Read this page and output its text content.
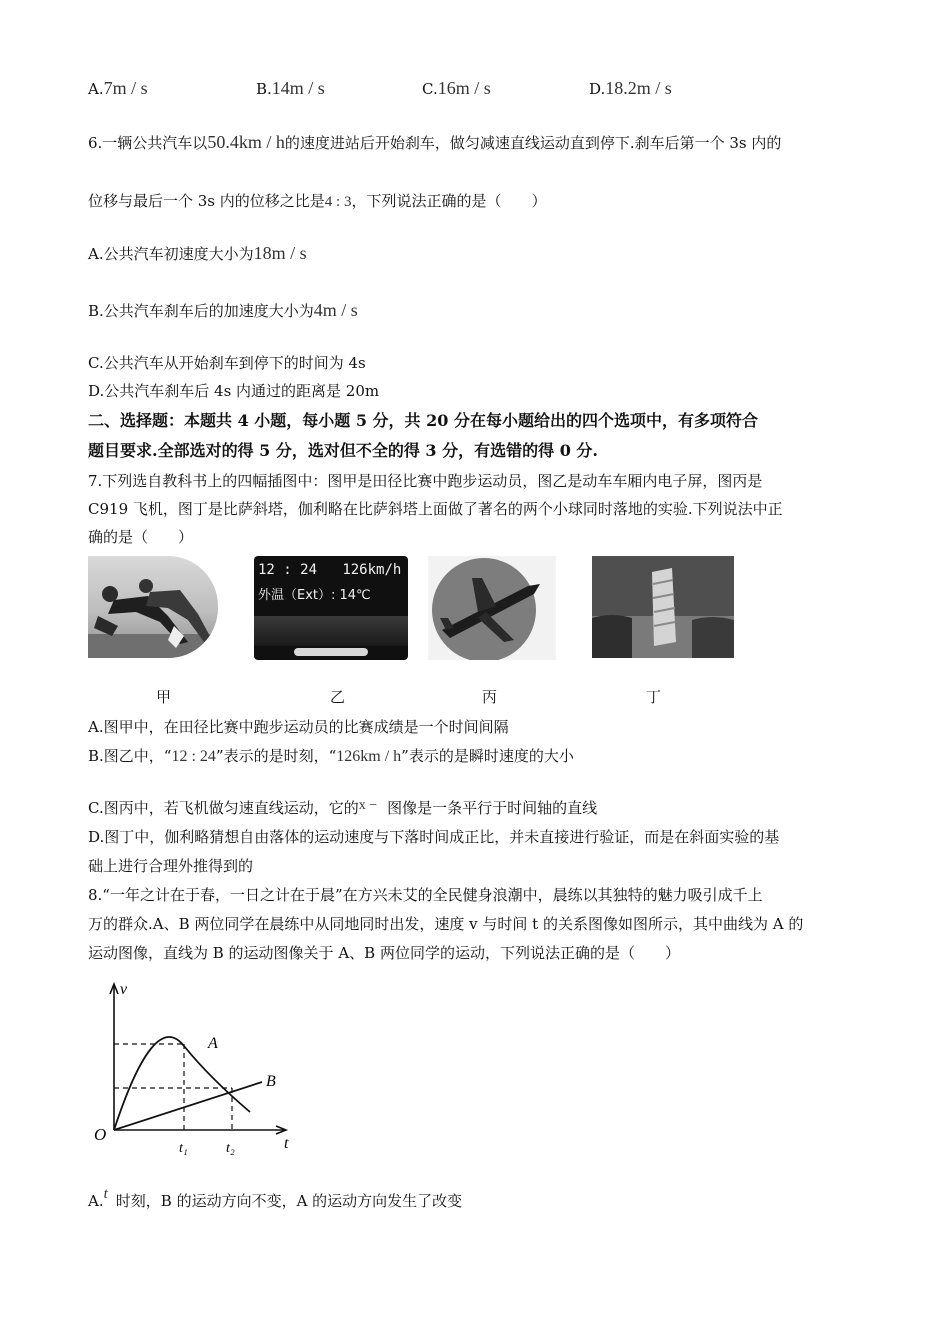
A.7m / s	B.14m / s	C.16m / s	D.18.2m / s
6.一辆公共汽车以50.4km / h的速度进站后开始刹车，做匀减速直线运动直到停下.刹车后第一个 3s 内的
位移与最后一个 3s 内的位移之比是4 : 3，下列说法正确的是（　　）
A.公共汽车初速度大小为18m / s
B.公共汽车刹车后的加速度大小为4m / s
C.公共汽车从开始刹车到停下的时间为 4s
D.公共汽车刹车后 4s 内通过的距离是 20m
二、选择题：本题共 4 小题，每小题 5 分，共 20 分在每小题给出的四个选项中，有多项符合
题目要求.全部选对的得 5 分，选对但不全的得 3 分，有选错的得 0 分.
7.下列选自教科书上的四幅插图中：图甲是田径比赛中跑步运动员，图乙是动车车厢内电子屏，图丙是
C919 飞机，图丁是比萨斜塔，伽利略在比萨斜塔上面做了著名的两个小球同时落地的实验.下列说法中正
确的是（　　）
12 : 24 126km/h
外温（Ext）: 14℃
甲	乙	丙	丁
A.图甲中，在田径比赛中跑步运动员的比赛成绩是一个时间间隔
B.图乙中，“12 : 24”表示的是时刻，“126km / h”表示的是瞬时速度的大小
C.图丙中，若飞机做匀速直线运动，它的x − 图像是一条平行于时间轴的直线
D.图丁中，伽利略猜想自由落体的运动速度与下落时间成正比，并未直接进行验证，而是在斜面实验的基
础上进行合理外推得到的
8.“一年之计在于春，一日之计在于晨”在方兴未艾的全民健身浪潮中，晨练以其独特的魅力吸引成千上
万的群众.A、B 两位同学在晨练中从同地同时出发，速度 v 与时间 t 的关系图像如图所示，其中曲线为 A 的
运动图像，直线为 B 的运动图像关于 A、B 两位同学的运动，下列说法正确的是（　　）
v
t
O
A
B
t₁	t₂
A.t 时刻，B 的运动方向不变，A 的运动方向发生了改变
